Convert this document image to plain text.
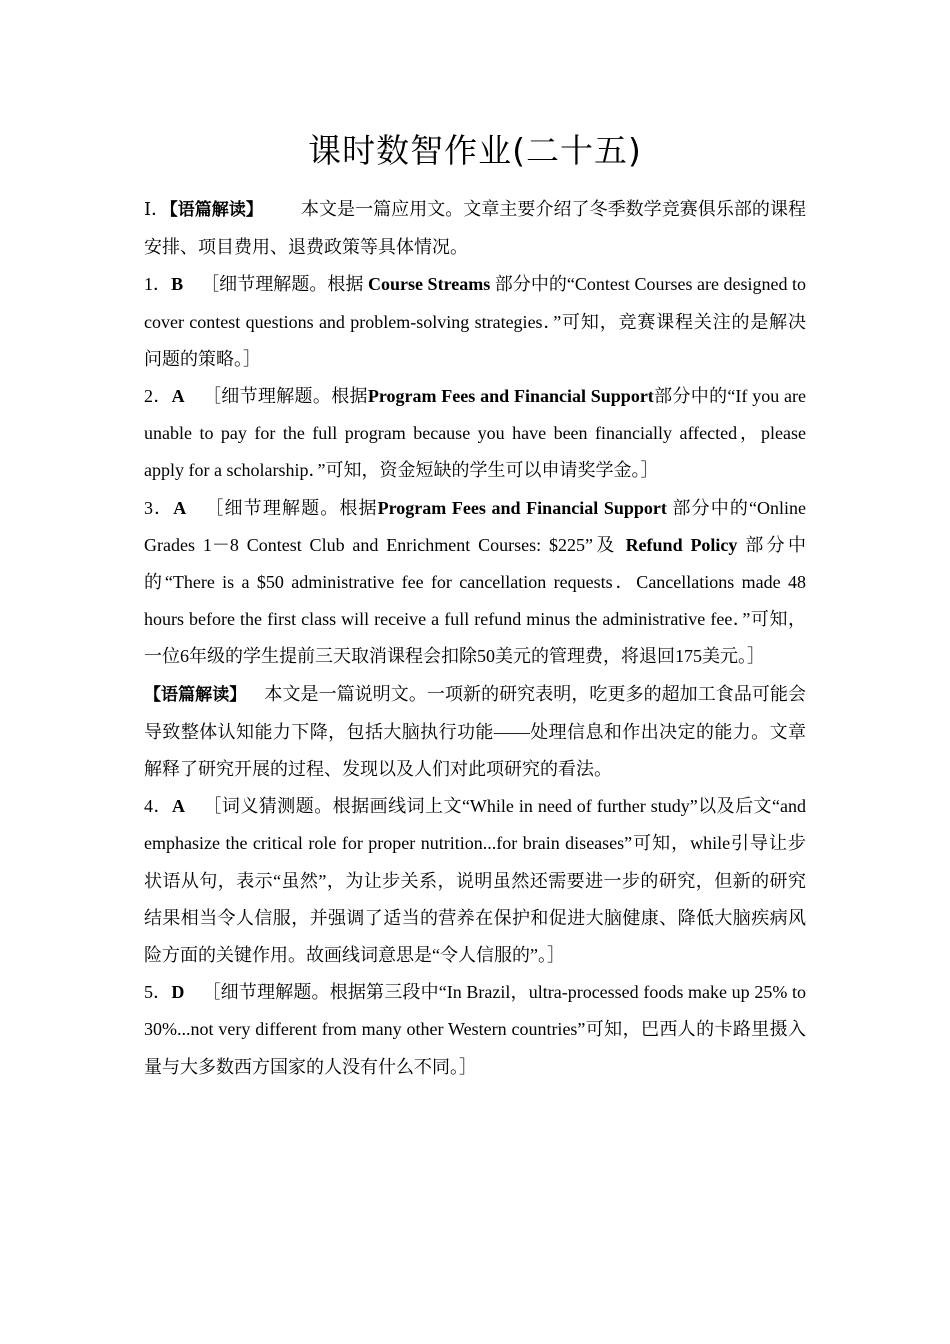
课时数智作业(二十五)

Ⅰ．【语篇解读】 本文是一篇应用文。文章主要介绍了冬季数学竞赛俱乐部的课程安排、项目费用、退费政策等具体情况。

1．B ［细节理解题。根据 Course Streams 部分中的“Contest Courses are designed to cover contest questions and problem-solving strategies．”可知，竞赛课程关注的是解决问题的策略。］

2．A ［细节理解题。根据Program Fees and Financial Support部分中的“If you are unable to pay for the full program because you have been financially affected，please apply for a scholarship．”可知，资金短缺的学生可以申请奖学金。］

3．A ［细节理解题。根据Program Fees and Financial Support 部分中的“Online Grades 1－8 Contest Club and Enrichment Courses: $225”及 Refund Policy 部分中的“There is a $50 administrative fee for cancellation requests．Cancellations made 48 hours before the first class will receive a full refund minus the administrative fee．”可知，一位6年级的学生提前三天取消课程会扣除50美元的管理费，将退回175美元。］

【语篇解读】 本文是一篇说明文。一项新的研究表明，吃更多的超加工食品可能会导致整体认知能力下降，包括大脑执行功能——处理信息和作出决定的能力。文章解释了研究开展的过程、发现以及人们对此项研究的看法。

4．A ［词义猜测题。根据画线词上文“While in need of further study”以及后文“and emphasize the critical role for proper nutrition...for brain diseases”可知，while引导让步状语从句，表示“虽然”，为让步关系，说明虽然还需要进一步的研究，但新的研究结果相当令人信服，并强调了适当的营养在保护和促进大脑健康、降低大脑疾病风险方面的关键作用。故画线词意思是“令人信服的”。］

5．D ［细节理解题。根据第三段中“In Brazil，ultra-processed foods make up 25% to 30%...not very different from many other Western countries”可知，巴西人的卡路里摄入量与大多数西方国家的人没有什么不同。］
